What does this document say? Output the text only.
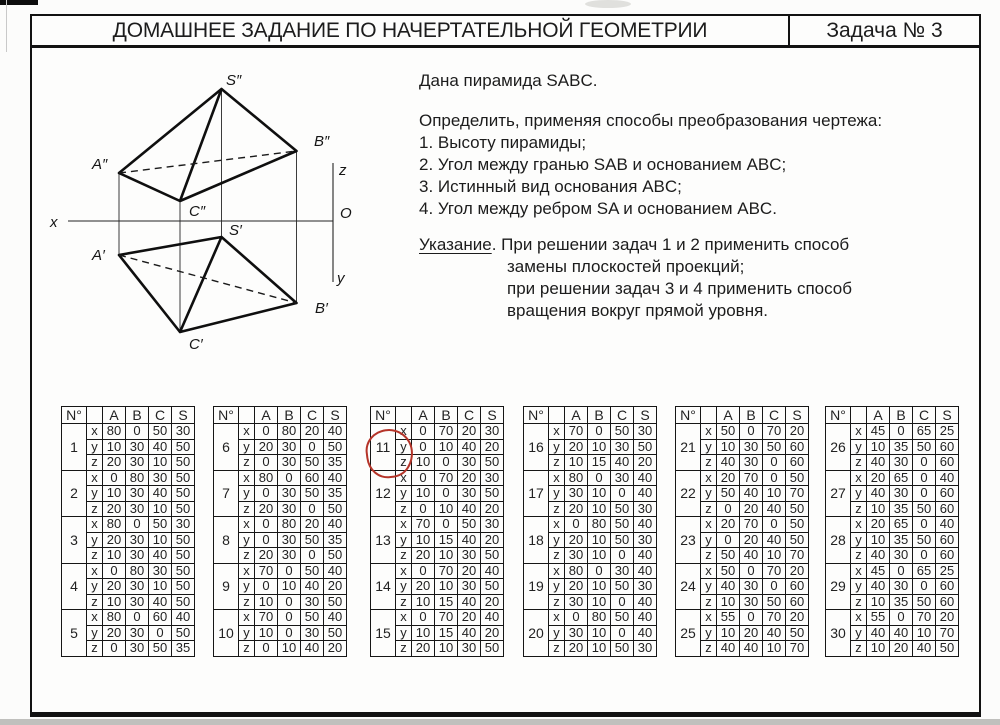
ДОМАШНЕЕ ЗАДАНИЕ ПО НАЧЕРТАТЕЛЬНОЙ ГЕОМЕТРИИ	Задача № 3
S″
A″
B″
C″
S′
A′
B′
C′
x
z
O
y

Дана пирамида SABC.

Определить, применяя способы преобразования чертежа:

1. Высоту пирамиды;
2. Угол между гранью SAB и основанием ABC;
3. Истинный вид основания ABC;
4. Угол между ребром SA и основанием ABC.
Указание. При решении задач 1 и 2 применить способ
замены плоскостей проекций;
при решении задач 3 и 4 применить способ
вращения вокруг прямой уровня.
N°		A	B	C	S
1	x	80	0	50	30
	y	10	30	40	50
	z	20	30	10	50
2	x	0	80	30	50
	y	10	30	40	50
	z	20	30	10	50
3	x	80	0	50	30
	y	20	30	10	50
	z	10	30	40	50
4	x	0	80	30	50
	y	20	30	10	50
	z	10	30	40	50
5	x	80	0	60	40
	y	20	30	0	50
	z	0	30	50	35
N°		A	B	C	S
6	x	0	80	20	40
	y	20	30	0	50
	z	0	30	50	35
7	x	80	0	60	40
	y	0	30	50	35
	z	20	30	0	50
8	x	0	80	20	40
	y	0	30	50	35
	z	20	30	0	50
9	x	70	0	50	40
	y	0	10	40	20
	z	10	0	30	50
10	x	70	0	50	40
	y	10	0	30	50
	z	0	10	40	20
N°		A	B	C	S
11	x	0	70	20	30
	y	0	10	40	20
	z	10	0	30	50
12	x	0	70	20	30
	y	10	0	30	50
	z	0	10	40	20
13	x	70	0	50	30
	y	10	15	40	20
	z	20	10	30	50
14	x	0	70	20	40
	y	20	10	30	50
	z	10	15	40	20
15	x	0	70	20	40
	y	10	15	40	20
	z	20	10	30	50
N°		A	B	C	S
16	x	70	0	50	30
	y	20	10	30	50
	z	10	15	40	20
17	x	80	0	30	40
	y	30	10	0	40
	z	20	10	50	30
18	x	0	80	50	40
	y	20	10	50	30
	z	30	10	0	40
19	x	80	0	30	40
	y	20	10	50	30
	z	30	10	0	40
20	x	0	80	50	40
	y	30	10	0	40
	z	20	10	50	30
N°		A	B	C	S
21	x	50	0	70	20
	y	10	30	50	60
	z	40	30	0	60
22	x	20	70	0	50
	y	50	40	10	70
	z	0	20	40	50
23	x	20	70	0	50
	y	0	20	40	50
	z	50	40	10	70
24	x	50	0	70	20
	y	40	30	0	60
	z	10	30	50	60
25	x	55	0	70	20
	y	10	20	40	50
	z	40	40	10	70
N°		A	B	C	S
26	x	45	0	65	25
	y	10	35	50	60
	z	40	30	0	60
27	x	20	65	0	40
	y	40	30	0	60
	z	10	35	50	60
28	x	20	65	0	40
	y	10	35	50	60
	z	40	30	0	60
29	x	45	0	65	25
	y	40	30	0	60
	z	10	35	50	60
30	x	55	0	70	20
	y	40	40	10	70
	z	10	20	40	50
